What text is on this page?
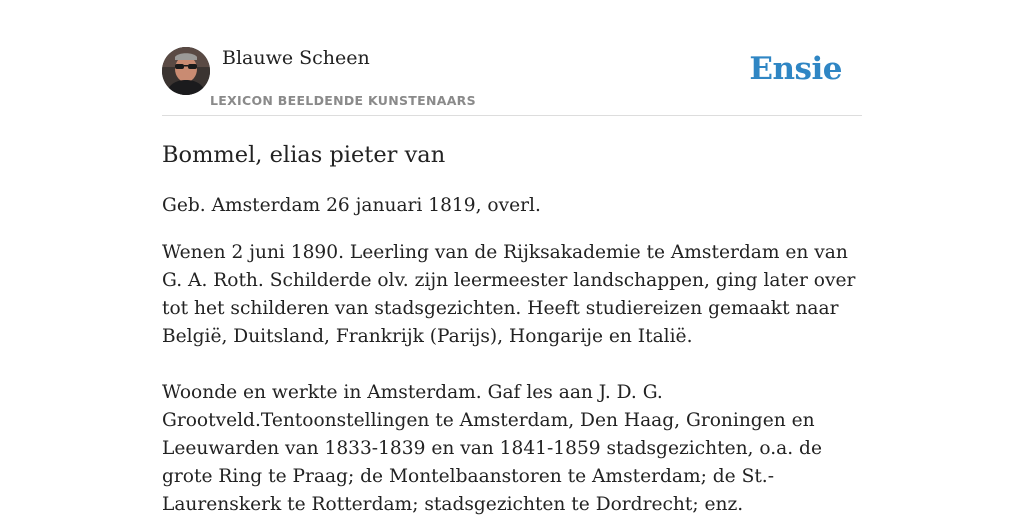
Blauwe Scheen
LEXICON BEELDENDE KUNSTENAARS
Ensie
Bommel, elias pieter van

Geb. Amsterdam 26 januari 1819, overl.

Wenen 2 juni 1890. Leerling van de Rijksakademie te Amsterdam en van G. A. Roth. Schilderde olv. zijn leermeester landschappen, ging later over tot het schilderen van stadsgezichten. Heeft studiereizen gemaakt naar België, Duitsland, Frankrijk (Parijs), Hongarije en Italië.

Woonde en werkte in Amsterdam. Gaf les aan J. D. G. Grootveld.Tentoonstellingen te Amsterdam, Den Haag, Groningen en Leeuwarden van 1833-1839 en van 1841-1859 stadsgezichten, o.a. de grote Ring te Praag; de Montelbaanstoren te Amsterdam; de St.-Laurenskerk te Rotterdam; stadsgezichten te Dordrecht; enz.
